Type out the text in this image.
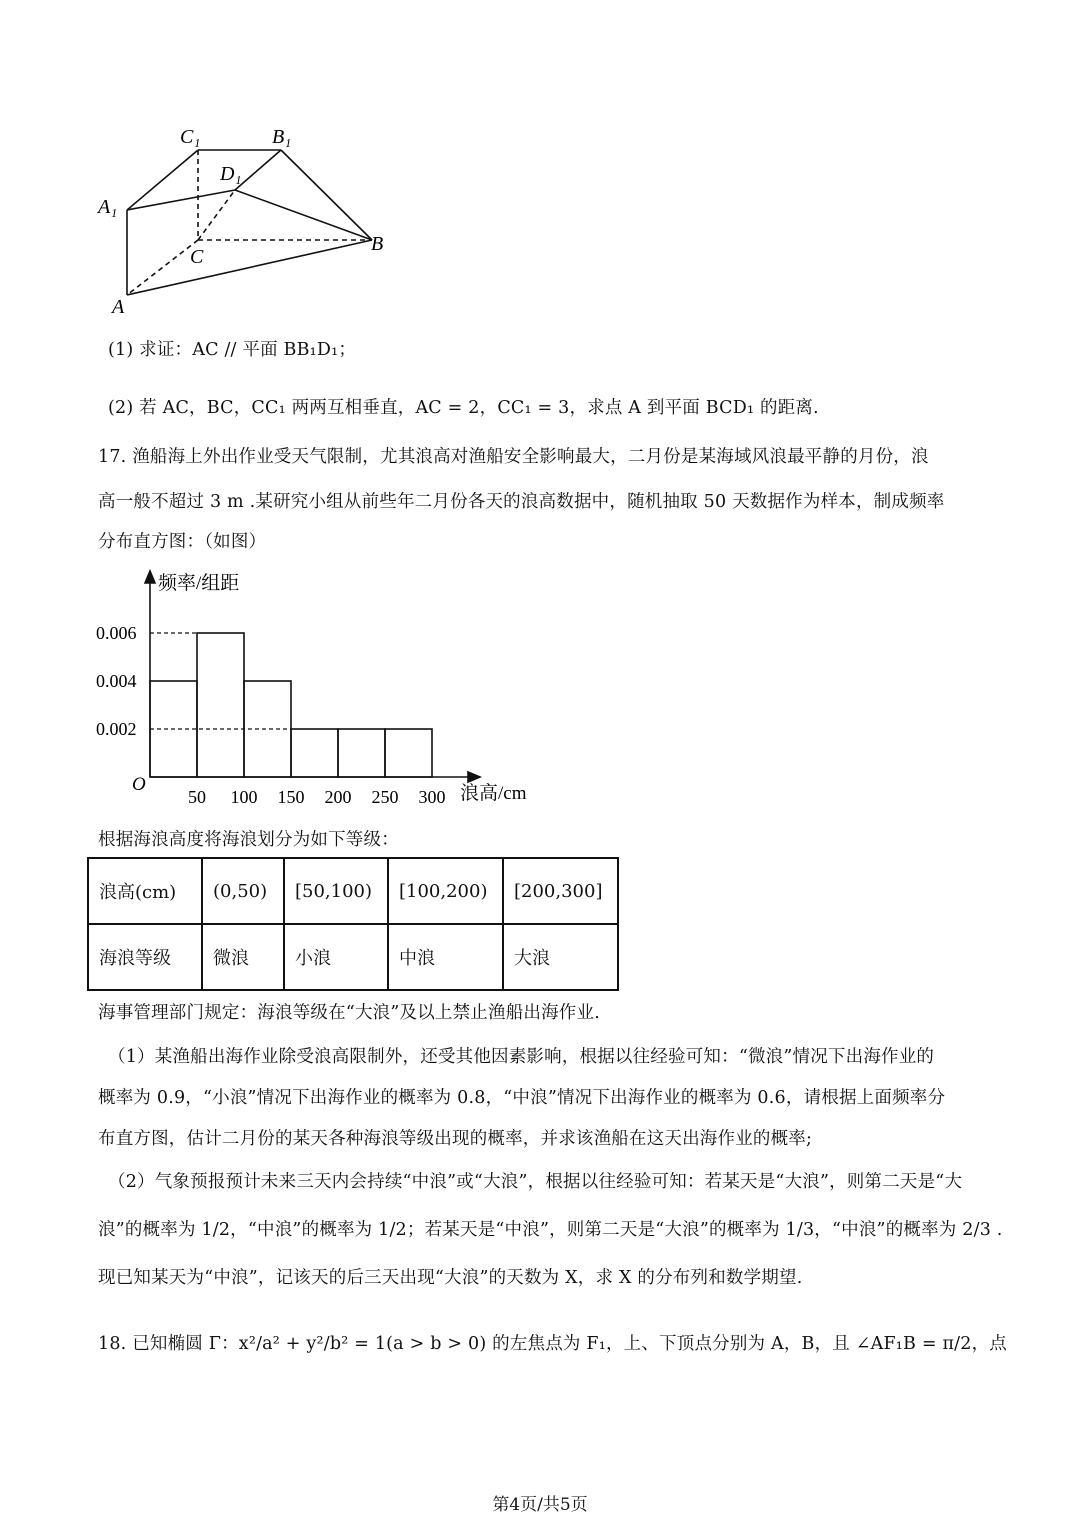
C₁	B₁
D₁
A₁
C
B
A
(1) 求证：AC // 平面 BB₁D₁；
(2) 若 AC，BC，CC₁ 两两互相垂直，AC = 2，CC₁ = 3，求点 A 到平面 BCD₁ 的距离.
17. 渔船海上外出作业受天气限制，尤其浪高对渔船安全影响最大，二月份是某海域风浪最平静的月份，浪
高一般不超过 3 m .某研究小组从前些年二月份各天的浪高数据中，随机抽取 50 天数据作为样本，制成频率
分布直方图：（如图）
频率/组距
浪高/cm
O
0.002
0.004
0.006
50 100 150 200 250 300
根据海浪高度将海浪划分为如下等级：
浪高(cm)	(0,50)	[50,100)	[100,200)	[200,300]
海浪等级	微浪	小浪	中浪	大浪
海事管理部门规定：海浪等级在“大浪”及以上禁止渔船出海作业.
（1）某渔船出海作业除受浪高限制外，还受其他因素影响，根据以往经验可知：“微浪”情况下出海作业的
概率为 0.9，“小浪”情况下出海作业的概率为 0.8，“中浪”情况下出海作业的概率为 0.6，请根据上面频率分
布直方图，估计二月份的某天各种海浪等级出现的概率，并求该渔船在这天出海作业的概率;
（2）气象预报预计未来三天内会持续“中浪”或“大浪”，根据以往经验可知：若某天是“大浪”，则第二天是“大
浪”的概率为 1/2，“中浪”的概率为 1/2；若某天是“中浪”，则第二天是“大浪”的概率为 1/3，“中浪”的概率为 2/3 .
现已知某天为“中浪”，记该天的后三天出现“大浪”的天数为 X，求 X 的分布列和数学期望.
18. 已知椭圆 Γ：x²/a² + y²/b² = 1(a > b > 0) 的左焦点为 F₁，上、下顶点分别为 A，B，且 ∠AF₁B = π/2，点
第4页/共5页
